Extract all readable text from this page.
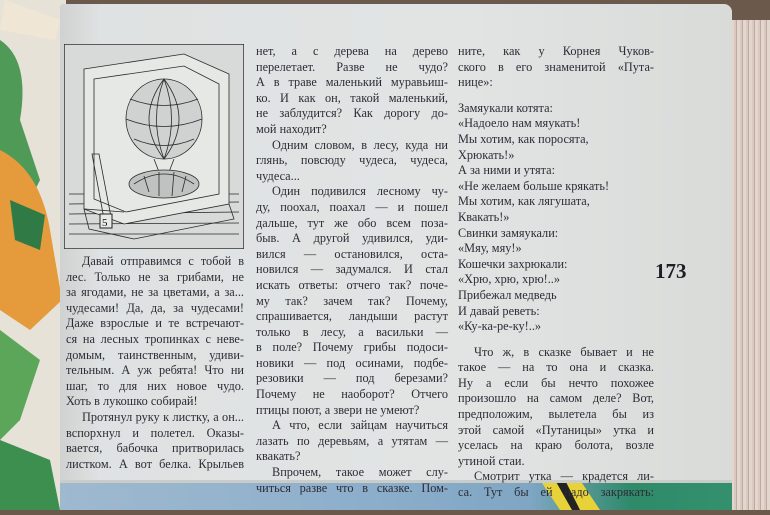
5
Давай отправимся с тобой в
лес. Только не за грибами, не
за ягодами, не за цветами, а за...
чудесами! Да, да, за чудесами!
Даже взрослые и те встречают-
ся на лесных тропинках с неве-
домым, таинственным, удиви-
тельным. А уж ребята! Что ни
шаг, то для них новое чудо.
Хоть в лукошко собирай!
Протянул руку к листку, а он...
вспорхнул и полетел. Оказы-
вается, бабочка притворилась
листком. А вот белка. Крыльев
нет, а с дерева на дерево
перелетает. Разве не чудо?
А в траве маленький муравьиш-
ко. И как он, такой маленький,
не заблудится? Как дорогу до-
мой находит?
Одним словом, в лесу, куда ни
глянь, повсюду чудеса, чудеса,
чудеса...
Один подивился лесному чу-
ду, поохал, поахал — и пошел
дальше, тут же обо всем поза-
быв. А другой удивился, уди-
вился — остановился, оста-
новился — задумался. И стал
искать ответы: отчего так? поче-
му так? зачем так? Почему,
спрашивается, ландыши растут
только в лесу, а васильки —
в поле? Почему грибы подоси-
новики — под осинами, подбе-
резовики — под березами?
Почему не наоборот? Отчего
птицы поют, а звери не умеют?
А что, если зайцам научиться
лазать по деревьям, а утятам —
квакать?
Впрочем, такое может слу-
читься разве что в сказке. Пом-
ните, как у Корнея Чуков-
ского в его знаменитой «Пута-
нице»:
Замяукали котята:
«Надоело нам мяукать!
Мы хотим, как поросята,
Хрюкать!»
А за ними и утята:
«Не желаем больше крякать!
Мы хотим, как лягушата,
Квакать!»
Свинки замяукали:
«Мяу, мяу!»
Кошечки захрюкали:
«Хрю, хрю, хрю!..»
Прибежал медведь
И давай реветь:
«Ку-ка-ре-ку!..»
Что ж, в сказке бывает и не
такое — на то она и сказка.
Ну а если бы нечто похожее
произошло на самом деле? Вот,
предположим, вылетела бы из
этой самой «Путаницы» утка и
уселась на краю болота, возле
утиной стаи.
Смотрит утка — крадется ли-
са. Тут бы ей надо закрякать:
173
